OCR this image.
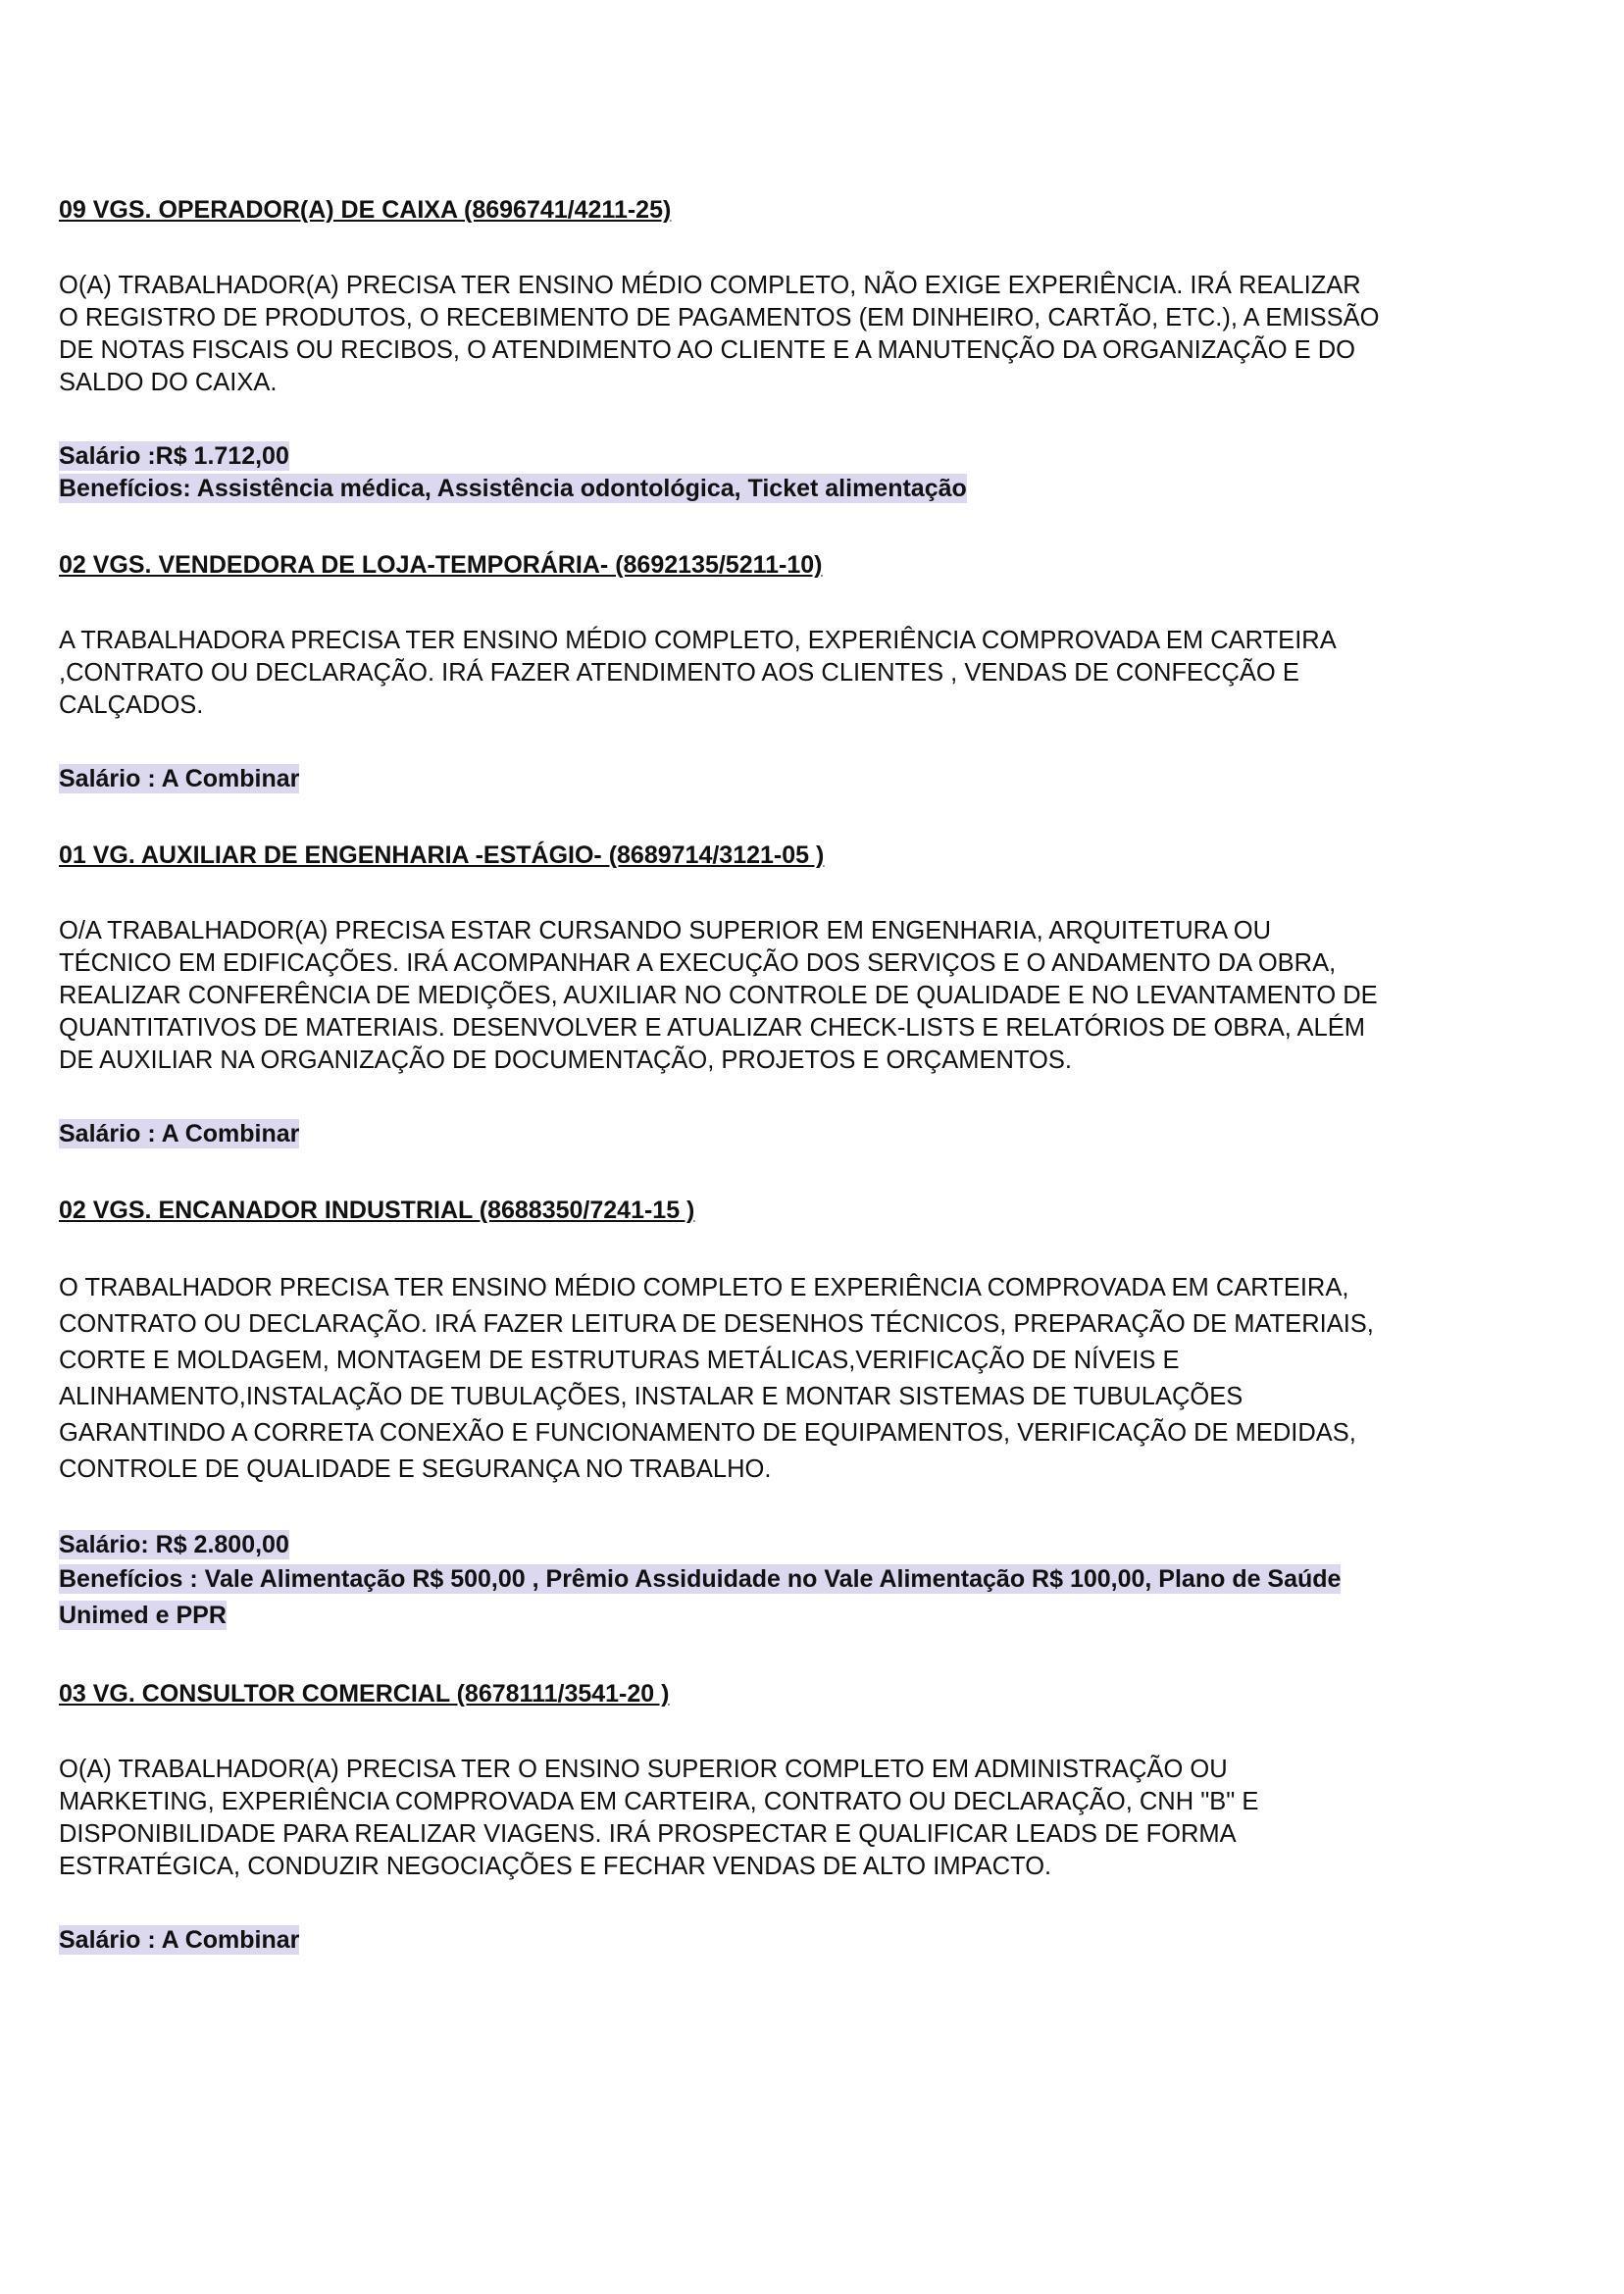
09 VGS. OPERADOR(A) DE CAIXA (8696741/4211-25)

O(A) TRABALHADOR(A) PRECISA TER ENSINO MÉDIO COMPLETO, NÃO EXIGE EXPERIÊNCIA. IRÁ REALIZAR
O REGISTRO DE PRODUTOS, O RECEBIMENTO DE PAGAMENTOS (EM DINHEIRO, CARTÃO, ETC.), A EMISSÃO
DE NOTAS FISCAIS OU RECIBOS, O ATENDIMENTO AO CLIENTE E A MANUTENÇÃO DA ORGANIZAÇÃO E DO
SALDO DO CAIXA.

Salário :R$ 1.712,00
Benefícios: Assistência médica, Assistência odontológica, Ticket alimentação

02 VGS. VENDEDORA DE LOJA-TEMPORÁRIA- (8692135/5211-10)

A TRABALHADORA PRECISA TER ENSINO MÉDIO COMPLETO, EXPERIÊNCIA COMPROVADA EM CARTEIRA
,CONTRATO OU DECLARAÇÃO. IRÁ FAZER ATENDIMENTO AOS CLIENTES , VENDAS DE CONFECÇÃO E
CALÇADOS.

Salário : A Combinar

01 VG. AUXILIAR DE ENGENHARIA -ESTÁGIO- (8689714/3121-05 )

O/A TRABALHADOR(A) PRECISA ESTAR CURSANDO SUPERIOR EM ENGENHARIA, ARQUITETURA OU
TÉCNICO EM EDIFICAÇÕES. IRÁ ACOMPANHAR A EXECUÇÃO DOS SERVIÇOS E O ANDAMENTO DA OBRA,
REALIZAR CONFERÊNCIA DE MEDIÇÕES, AUXILIAR NO CONTROLE DE QUALIDADE E NO LEVANTAMENTO DE
QUANTITATIVOS DE MATERIAIS. DESENVOLVER E ATUALIZAR CHECK-LISTS E RELATÓRIOS DE OBRA, ALÉM
DE AUXILIAR NA ORGANIZAÇÃO DE DOCUMENTAÇÃO, PROJETOS E ORÇAMENTOS.

Salário : A Combinar

02 VGS. ENCANADOR INDUSTRIAL (8688350/7241-15 )

O TRABALHADOR PRECISA TER ENSINO MÉDIO COMPLETO E EXPERIÊNCIA COMPROVADA EM CARTEIRA,
CONTRATO OU DECLARAÇÃO. IRÁ FAZER LEITURA DE DESENHOS TÉCNICOS, PREPARAÇÃO DE MATERIAIS,
CORTE E MOLDAGEM, MONTAGEM DE ESTRUTURAS METÁLICAS,VERIFICAÇÃO DE NÍVEIS E
ALINHAMENTO,INSTALAÇÃO DE TUBULAÇÕES, INSTALAR E MONTAR SISTEMAS DE TUBULAÇÕES
GARANTINDO A CORRETA CONEXÃO E FUNCIONAMENTO DE EQUIPAMENTOS, VERIFICAÇÃO DE MEDIDAS,
CONTROLE DE QUALIDADE E SEGURANÇA NO TRABALHO.

Salário: R$ 2.800,00
Benefícios : Vale Alimentação R$ 500,00 , Prêmio Assiduidade no Vale Alimentação R$ 100,00, Plano de Saúde
Unimed e PPR

03 VG. CONSULTOR COMERCIAL (8678111/3541-20 )

O(A) TRABALHADOR(A) PRECISA TER O ENSINO SUPERIOR COMPLETO EM ADMINISTRAÇÃO OU
MARKETING, EXPERIÊNCIA COMPROVADA EM CARTEIRA, CONTRATO OU DECLARAÇÃO, CNH "B" E
DISPONIBILIDADE PARA REALIZAR VIAGENS. IRÁ PROSPECTAR E QUALIFICAR LEADS DE FORMA
ESTRATÉGICA, CONDUZIR NEGOCIAÇÕES E FECHAR VENDAS DE ALTO IMPACTO.

Salário : A Combinar
